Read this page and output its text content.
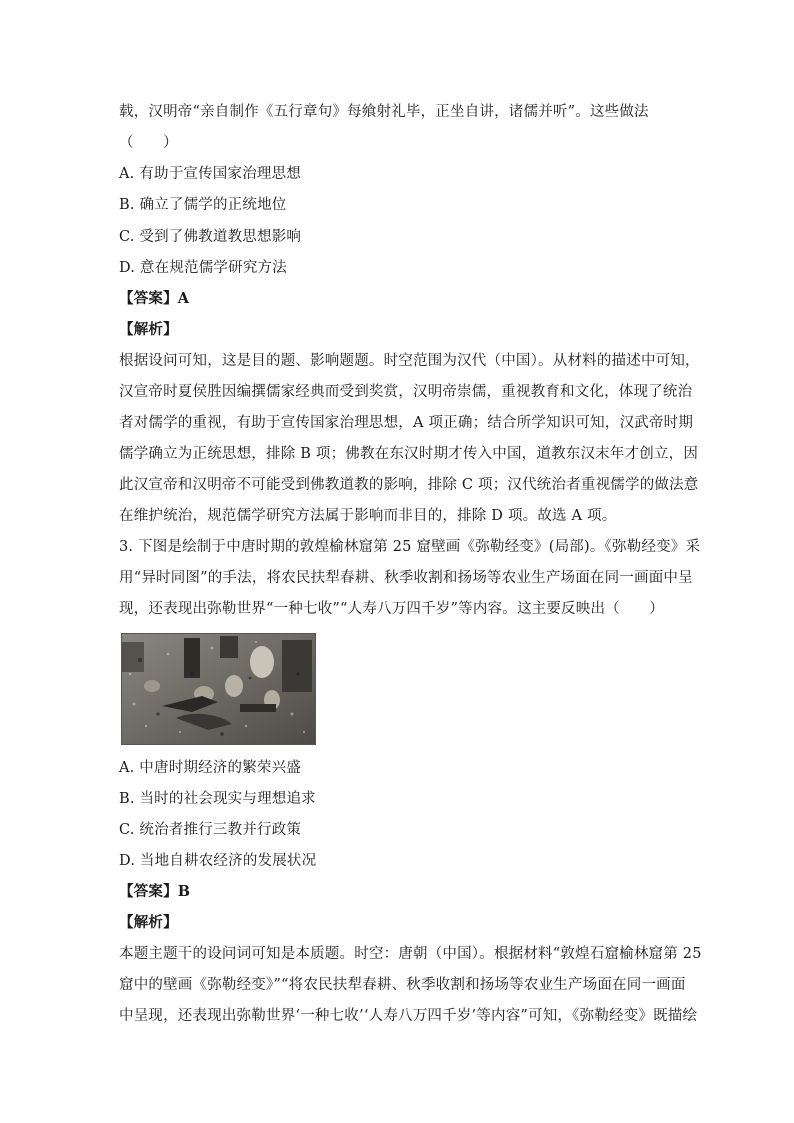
载，汉明帝“亲自制作《五行章句》每飨射礼毕，正坐自讲，诸儒并听”。这些做法
（　　）
A. 有助于宣传国家治理思想
B. 确立了儒学的正统地位
C. 受到了佛教道教思想影响
D. 意在规范儒学研究方法
【答案】A
【解析】
根据设问可知，这是目的题、影响题题。时空范围为汉代（中国）。从材料的描述中可知，
汉宣帝时夏侯胜因编撰儒家经典而受到奖赏，汉明帝崇儒，重视教育和文化，体现了统治
者对儒学的重视，有助于宣传国家治理思想，A 项正确；结合所学知识可知，汉武帝时期
儒学确立为正统思想，排除 B 项；佛教在东汉时期才传入中国，道教东汉末年才创立，因
此汉宣帝和汉明帝不可能受到佛教道教的影响，排除 C 项；汉代统治者重视儒学的做法意
在维护统治，规范儒学研究方法属于影响而非目的，排除 D 项。故选 A 项。
3. 下图是绘制于中唐时期的敦煌榆林窟第 25 窟壁画《弥勒经变》(局部)。《弥勒经变》采
用“异时同图”的手法，将农民扶犁春耕、秋季收割和扬场等农业生产场面在同一画面中呈
现，还表现出弥勒世界“一种七收”“人寿八万四千岁”等内容。这主要反映出（　　）
A. 中唐时期经济的繁荣兴盛
B. 当时的社会现实与理想追求
C. 统治者推行三教并行政策
D. 当地自耕农经济的发展状况
【答案】B
【解析】
本题主题干的设问词可知是本质题。时空：唐朝（中国）。根据材料“敦煌石窟榆林窟第 25
窟中的壁画《弥勒经变》”“将农民扶犁春耕、秋季收割和扬场等农业生产场面在同一画面
中呈现，还表现出弥勒世界‘一种七收’‘人寿八万四千岁’等内容”可知，《弥勒经变》既描绘
